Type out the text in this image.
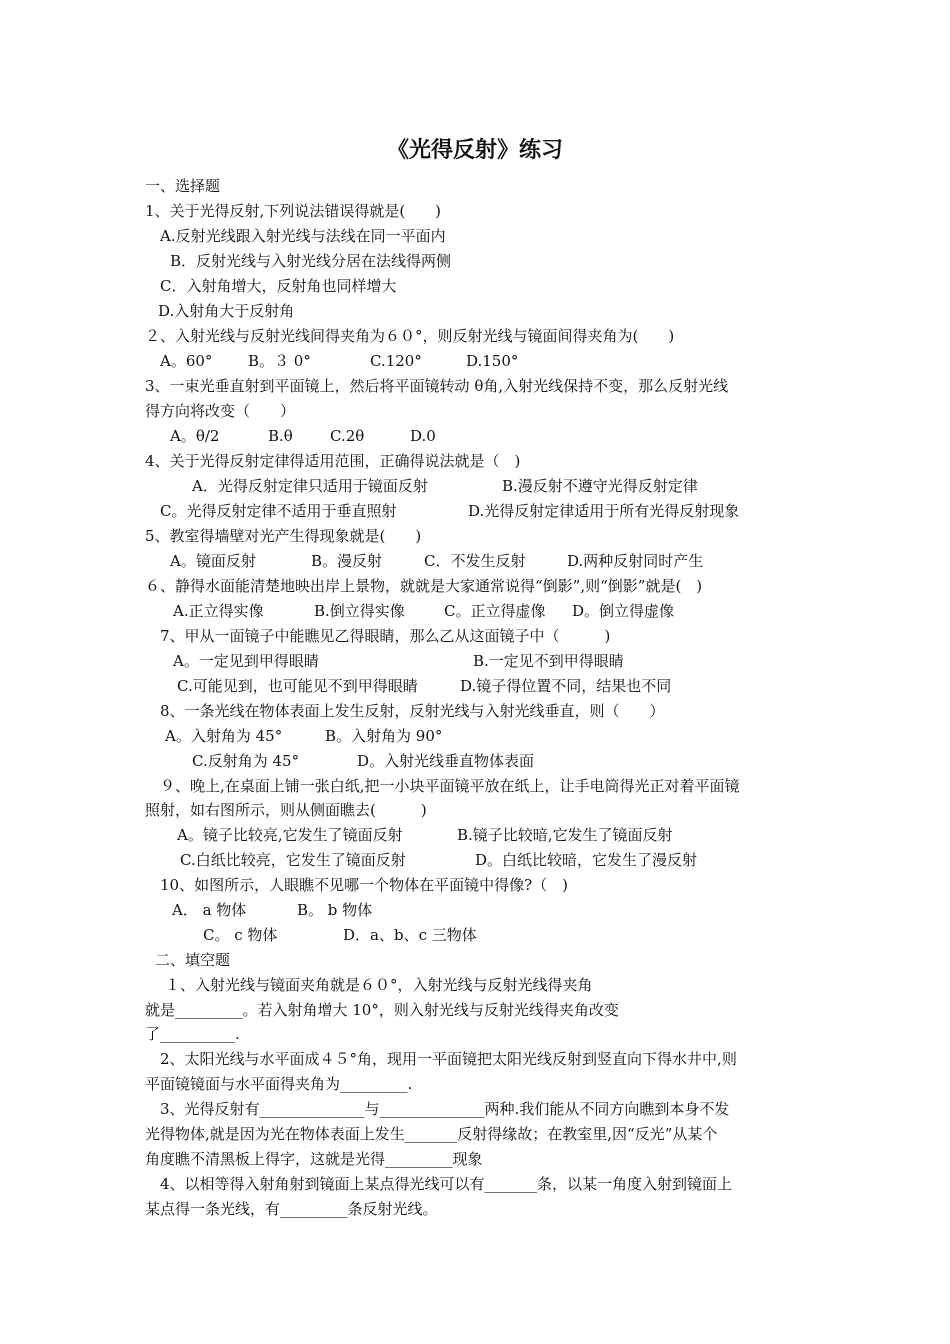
《光得反射》练习
一、选择题
1、关于光得反射,下列说法错误得就是(　　)
A.反射光线跟入射光线与法线在同一平面内
B．反射光线与入射光线分居在法线得两侧
C．入射角增大，反射角也同样增大
D.入射角大于反射角
２、入射光线与反射光线间得夹角为６０°，则反射光线与镜面间得夹角为(　　)
A。60° B。３ 0°	C.120°	D.150°
3、一束光垂直射到平面镜上，然后将平面镜转动 θ角,入射光线保持不变，那么反射光线
得方向将改变（　　）
A。θ/2	B.θ C.2θ	D.0
4、关于光得反射定律得适用范围，正确得说法就是（　)
A．光得反射定律只适用于镜面反射	B.漫反射不遵守光得反射定律
C。光得反射定律不适用于垂直照射	D.光得反射定律适用于所有光得反射现象
5、教室得墙壁对光产生得现象就是(　　)
A。镜面反射	B。漫反射	C．不发生反射	D.两种反射同时产生
６、静得水面能清楚地映出岸上景物，就就是大家通常说得“倒影”,则“倒影”就是(　)
A.正立得实像	B.倒立得实像	C。正立得虚像 D。倒立得虚像
7、甲从一面镜子中能瞧见乙得眼睛，那么乙从这面镜子中（　　　)
A。一定见到甲得眼睛	B.一定见不到甲得眼睛
C.可能见到，也可能见不到甲得眼睛	D.镜子得位置不同，结果也不同
8、一条光线在物体表面上发生反射，反射光线与入射光线垂直，则（　　）
A。入射角为 45°	B。入射角为 90°
C.反射角为 45°	D。入射光线垂直物体表面
９、晚上,在桌面上铺一张白纸,把一小块平面镜平放在纸上，让手电筒得光正对着平面镜
照射，如右图所示，则从侧面瞧去(　　　)
A。镜子比较亮,它发生了镜面反射	B.镜子比较暗,它发生了镜面反射
C.白纸比较亮，它发生了镜面反射	D。白纸比较暗，它发生了漫反射
10、如图所示，人眼瞧不见哪一个物体在平面镜中得像?（　)
A． a 物体	B。 b 物体
C。 c 物体	D．a、b、c 三物体
二、填空题
１、入射光线与镜面夹角就是６０°，入射光线与反射光线得夹角
就是_________。若入射角增大 10°，则入射光线与反射光线得夹角改变
了__________.
2、太阳光线与水平面成４５°角，现用一平面镜把太阳光线反射到竖直向下得水井中,则
平面镜镜面与水平面得夹角为_________.
3、光得反射有______________与______________两种.我们能从不同方向瞧到本身不发
光得物体,就是因为光在物体表面上发生_______反射得缘故；在教室里,因“反光”从某个
角度瞧不清黑板上得字，这就是光得_________现象
4、以相等得入射角射到镜面上某点得光线可以有_______条，以某一角度入射到镜面上
某点得一条光线，有_________条反射光线。
